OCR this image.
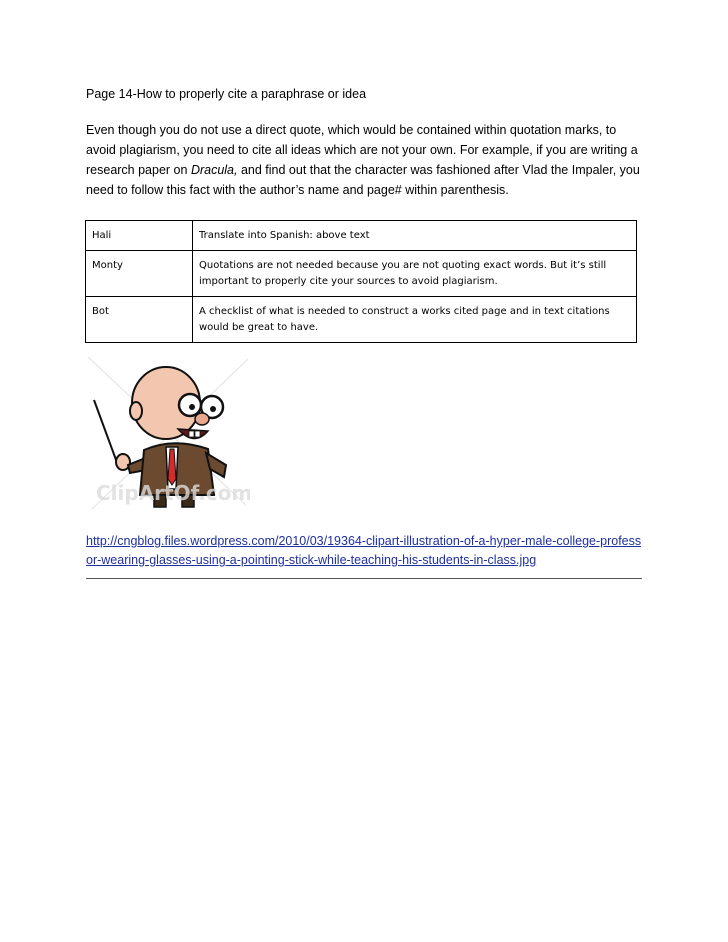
Page 14-How to properly cite a paraphrase or idea
Even though you do not use a direct quote, which would be contained within quotation marks, to avoid plagiarism, you need to cite all ideas which are not your own. For example, if you are writing a research paper on Dracula, and find out that the character was fashioned after Vlad the Impaler, you need to follow this fact with the author’s name and page# within parenthesis.
Hali	Translate into Spanish: above text
Monty	Quotations are not needed because you are not quoting exact words. But it’s still important to properly cite your sources to avoid plagiarism.
Bot	A checklist of what is needed to construct a works cited page and in text citations would be great to have.
ClipArtOf.com
http://cngblog.files.wordpress.com/2010/03/19364-clipart-illustration-of-a-hyper-male-college-professor-wearing-glasses-using-a-pointing-stick-while-teaching-his-students-in-class.jpg
